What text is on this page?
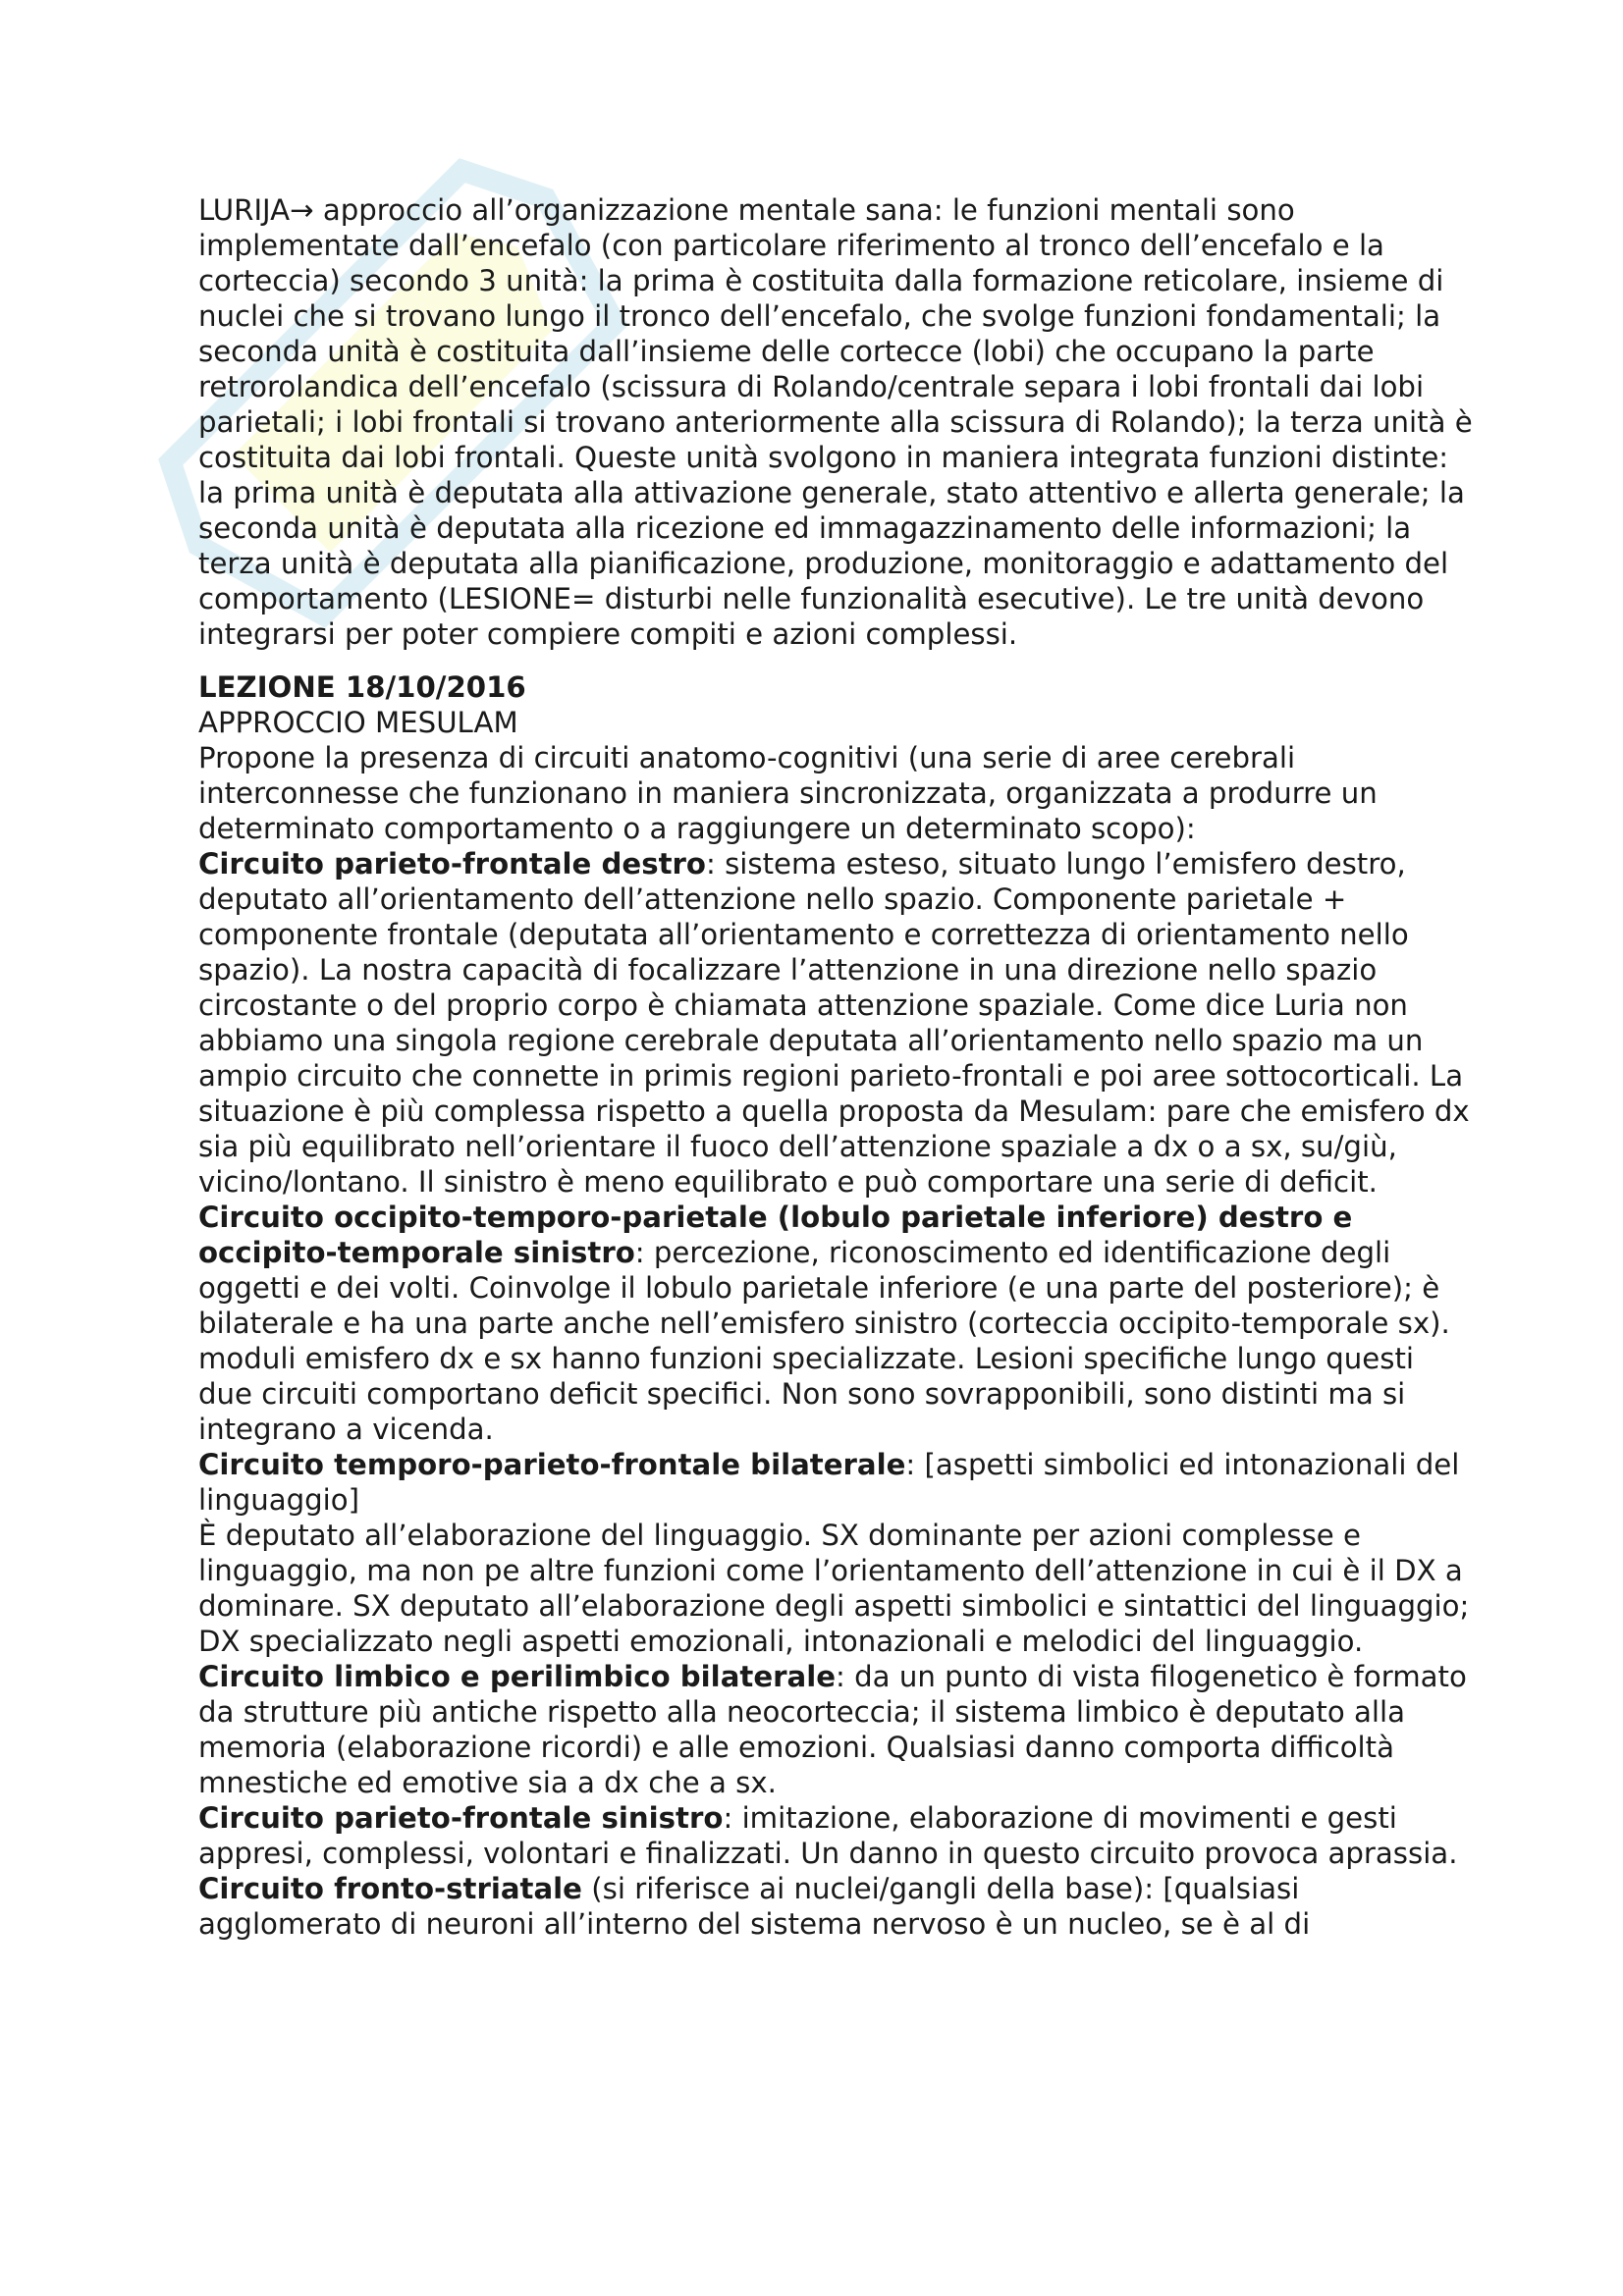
LURIJA→ approccio all’organizzazione mentale sana: le funzioni mentali sono implementate dall’encefalo (con particolare riferimento al tronco dell’encefalo e la corteccia) secondo 3 unità: la prima è costituita dalla formazione reticolare, insieme di nuclei che si trovano lungo il tronco dell’encefalo, che svolge funzioni fondamentali; la seconda unità è costituita dall’insieme delle cortecce (lobi) che occupano la parte retrorolandica dell’encefalo (scissura di Rolando/centrale separa i lobi frontali dai lobi parietali; i lobi frontali si trovano anteriormente alla scissura di Rolando); la terza unità è costituita dai lobi frontali. Queste unità svolgono in maniera integrata funzioni distinte: la prima unità è deputata alla attivazione generale, stato attentivo e allerta generale; la seconda unità è deputata alla ricezione ed immagazzinamento delle informazioni; la terza unità è deputata alla pianificazione, produzione, monitoraggio e adattamento del comportamento (LESIONE= disturbi nelle funzionalità esecutive). Le tre unità devono integrarsi per poter compiere compiti e azioni complessi.

LEZIONE 18/10/2016

APPROCCIO MESULAM

Propone la presenza di circuiti anatomo-cognitivi (una serie di aree cerebrali interconnesse che funzionano in maniera sincronizzata, organizzata a produrre un determinato comportamento o a raggiungere un determinato scopo):

Circuito parieto-frontale destro: sistema esteso, situato lungo l’emisfero destro, deputato all’orientamento dell’attenzione nello spazio. Componente parietale + componente frontale (deputata all’orientamento e correttezza di orientamento nello spazio). La nostra capacità di focalizzare l’attenzione in una direzione nello spazio circostante o del proprio corpo è chiamata attenzione spaziale. Come dice Luria non abbiamo una singola regione cerebrale deputata all’orientamento nello spazio ma un ampio circuito che connette in primis regioni parieto-frontali e poi aree sottocorticali. La situazione è più complessa rispetto a quella proposta da Mesulam: pare che emisfero dx sia più equilibrato nell’orientare il fuoco dell’attenzione spaziale a dx o a sx, su/giù, vicino/lontano. Il sinistro è meno equilibrato e può comportare una serie di deficit.

Circuito occipito-temporo-parietale (lobulo parietale inferiore) destro e occipito-temporale sinistro: percezione, riconoscimento ed identificazione degli oggetti e dei volti. Coinvolge il lobulo parietale inferiore (e una parte del posteriore); è bilaterale e ha una parte anche nell’emisfero sinistro (corteccia occipito-temporale sx). moduli emisfero dx e sx hanno funzioni specializzate. Lesioni specifiche lungo questi due circuiti comportano deficit specifici. Non sono sovrapponibili, sono distinti ma si integrano a vicenda.

Circuito temporo-parieto-frontale bilaterale: [aspetti simbolici ed intonazionali del linguaggio]

È deputato all’elaborazione del linguaggio. SX dominante per azioni complesse e linguaggio, ma non pe altre funzioni come l’orientamento dell’attenzione in cui è il DX a dominare. SX deputato all’elaborazione degli aspetti simbolici e sintattici del linguaggio; DX specializzato negli aspetti emozionali, intonazionali e melodici del linguaggio.

Circuito limbico e perilimbico bilaterale: da un punto di vista filogenetico è formato da strutture più antiche rispetto alla neocorteccia; il sistema limbico è deputato alla memoria (elaborazione ricordi) e alle emozioni. Qualsiasi danno comporta difficoltà mnestiche ed emotive sia a dx che a sx.

Circuito parieto-frontale sinistro: imitazione, elaborazione di movimenti e gesti appresi, complessi, volontari e finalizzati. Un danno in questo circuito provoca aprassia.

Circuito fronto-striatale (si riferisce ai nuclei/gangli della base): [qualsiasi agglomerato di neuroni all’interno del sistema nervoso è un nucleo, se è al di
